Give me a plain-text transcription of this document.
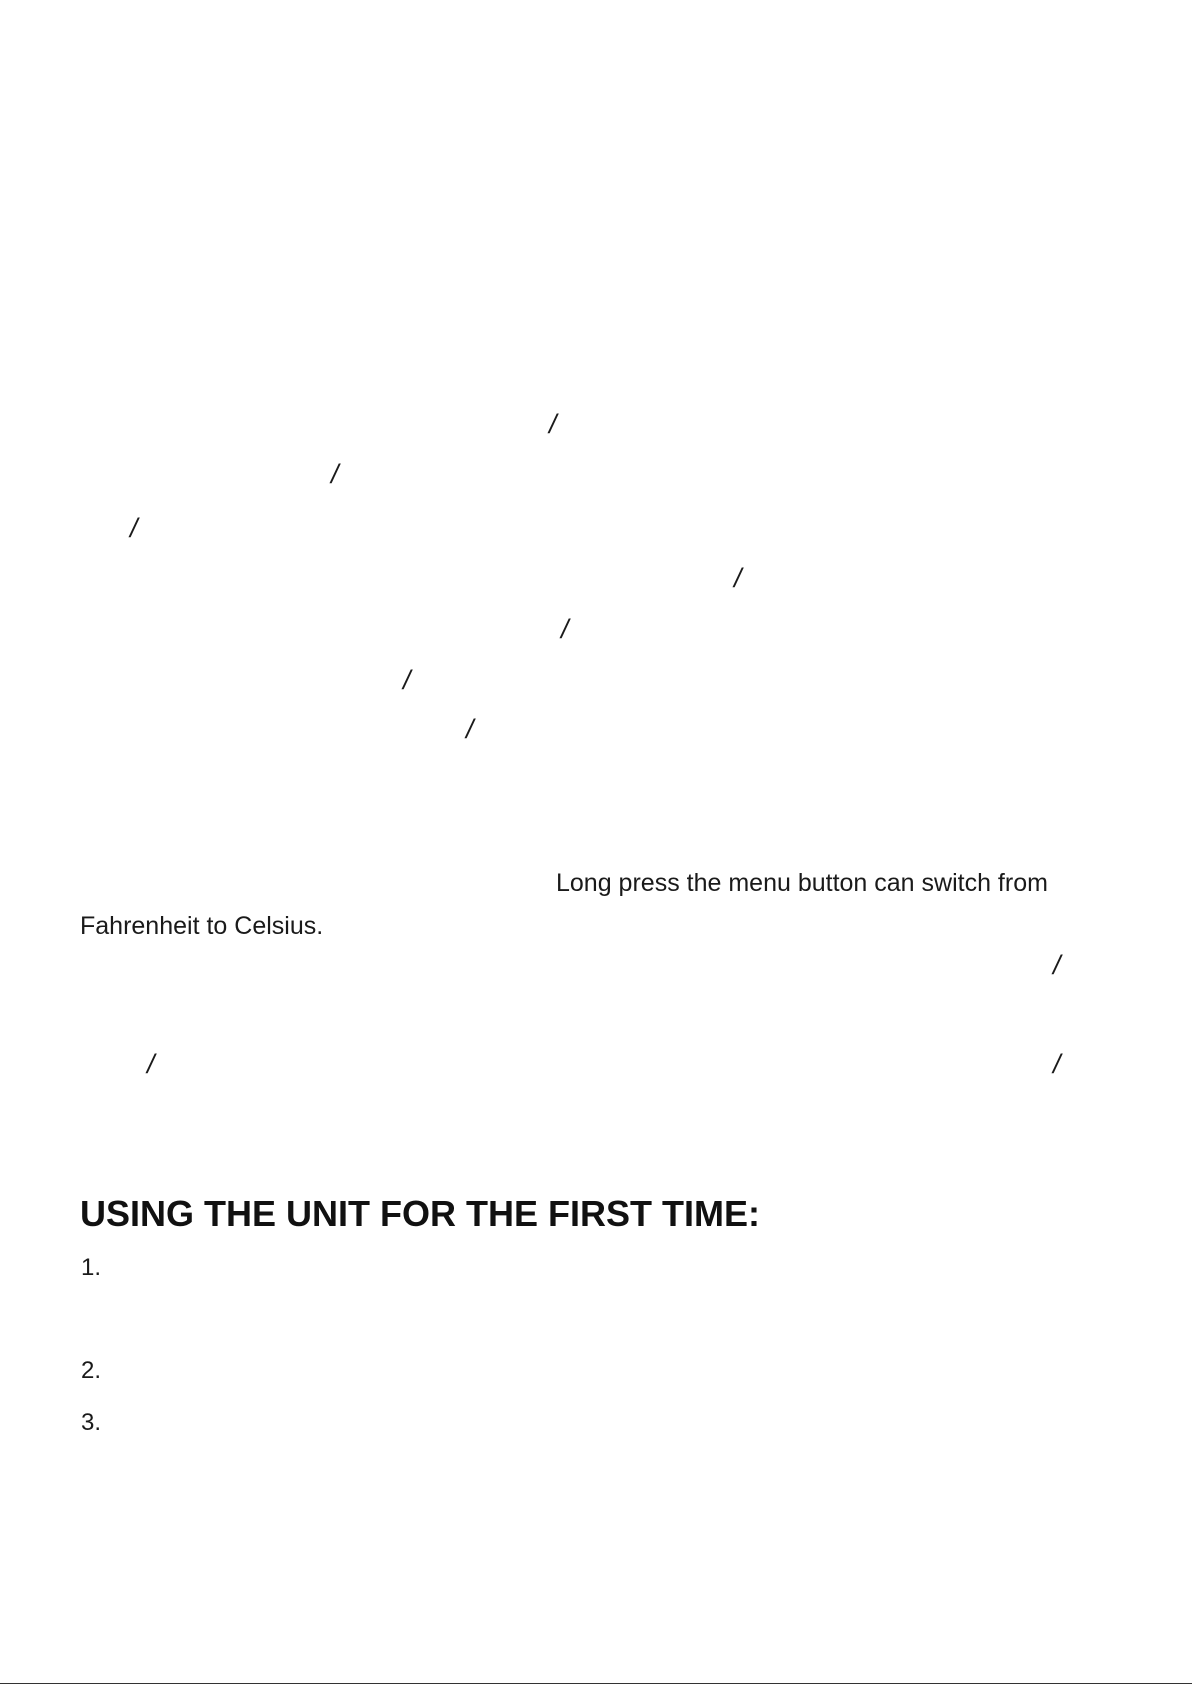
/
/
/
/
/
/
/
Long press the menu button can switch from
Fahrenheit to Celsius.
/
/	/
USING THE UNIT FOR THE FIRST TIME:
1.
2.
3.
